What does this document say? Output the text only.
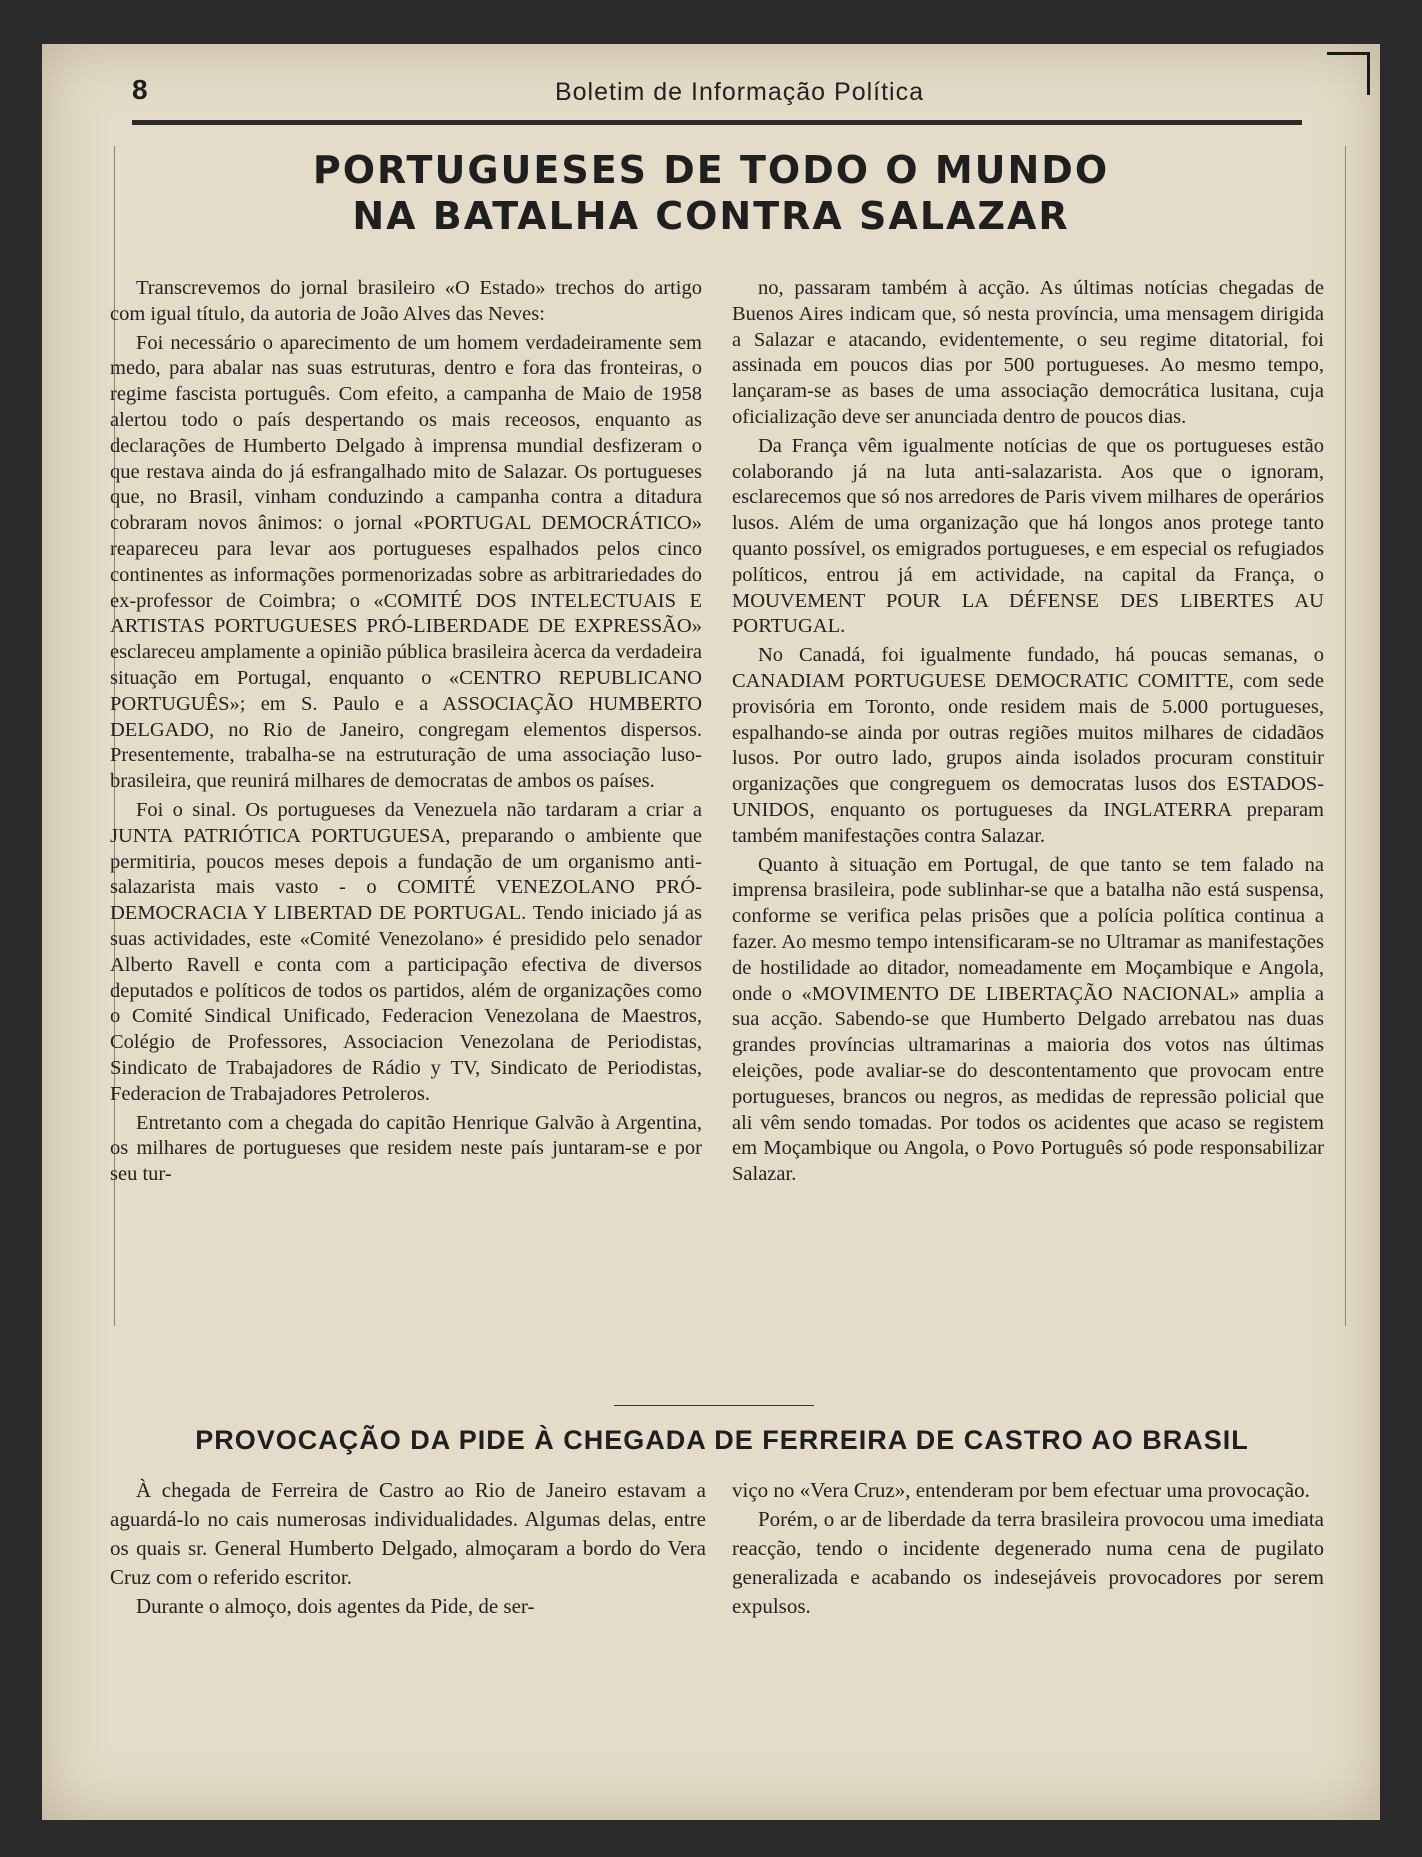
8	Boletim de Informação Política
PORTUGUESES DE TODO O MUNDO
NA BATALHA CONTRA SALAZAR

Transcrevemos do jornal brasileiro «O Estado» trechos do artigo com igual título, da autoria de João Alves das Neves:

Foi necessário o aparecimento de um homem verdadeiramente sem medo, para abalar nas suas estruturas, dentro e fora das fronteiras, o regime fascista português. Com efeito, a campanha de Maio de 1958 alertou todo o país despertando os mais receosos, enquanto as declarações de Humberto Delgado à imprensa mundial desfizeram o que restava ainda do já esfrangalhado mito de Salazar. Os portugueses que, no Brasil, vinham conduzindo a campanha contra a ditadura cobraram novos ânimos: o jornal «PORTUGAL DEMOCRÁTICO» reapareceu para levar aos portugueses espalhados pelos cinco continentes as informações pormenorizadas sobre as arbitrariedades do ex-professor de Coimbra; o «COMITÉ DOS INTELECTUAIS E ARTISTAS PORTUGUESES PRÓ-LIBERDADE DE EXPRESSÃO» esclareceu amplamente a opinião pública brasileira àcerca da verdadeira situação em Portugal, enquanto o «CENTRO REPUBLICANO PORTUGUÊS»; em S. Paulo e a ASSOCIAÇÃO HUMBERTO DELGADO, no Rio de Janeiro, congregam elementos dispersos. Presentemente, trabalha-se na estruturação de uma associação luso-brasileira, que reunirá milhares de democratas de ambos os países.

Foi o sinal. Os portugueses da Venezuela não tardaram a criar a JUNTA PATRIÓTICA PORTUGUESA, preparando o ambiente que permitiria, poucos meses depois a fundação de um organismo anti-salazarista mais vasto - o COMITÉ VENEZOLANO PRÓ-DEMOCRACIA Y LIBERTAD DE PORTUGAL. Tendo iniciado já as suas actividades, este «Comité Venezolano» é presidido pelo senador Alberto Ravell e conta com a participação efectiva de diversos deputados e políticos de todos os partidos, além de organizações como o Comité Sindical Unificado, Federacion Venezolana de Maestros, Colégio de Professores, Associacion Venezolana de Periodistas, Sindicato de Trabajadores de Rádio y TV, Sindicato de Periodistas, Federacion de Trabajadores Petroleros.

Entretanto com a chegada do capitão Henrique Galvão à Argentina, os milhares de portugueses que residem neste país juntaram-se e por seu tur-

no, passaram também à acção. As últimas notícias chegadas de Buenos Aires indicam que, só nesta província, uma mensagem dirigida a Salazar e atacando, evidentemente, o seu regime ditatorial, foi assinada em poucos dias por 500 portugueses. Ao mesmo tempo, lançaram-se as bases de uma associação democrática lusitana, cuja oficialização deve ser anunciada dentro de poucos dias.

Da França vêm igualmente notícias de que os portugueses estão colaborando já na luta anti-salazarista. Aos que o ignoram, esclarecemos que só nos arredores de Paris vivem milhares de operários lusos. Além de uma organização que há longos anos protege tanto quanto possível, os emigrados portugueses, e em especial os refugiados políticos, entrou já em actividade, na capital da França, o MOUVEMENT POUR LA DÉFENSE DES LIBERTES AU PORTUGAL.

No Canadá, foi igualmente fundado, há poucas semanas, o CANADIAM PORTUGUESE DEMOCRATIC COMITTE, com sede provisória em Toronto, onde residem mais de 5.000 portugueses, espalhando-se ainda por outras regiões muitos milhares de cidadãos lusos. Por outro lado, grupos ainda isolados procuram constituir organizações que congreguem os democratas lusos dos ESTADOS-UNIDOS, enquanto os portugueses da INGLATERRA preparam também manifestações contra Salazar.

Quanto à situação em Portugal, de que tanto se tem falado na imprensa brasileira, pode sublinhar-se que a batalha não está suspensa, conforme se verifica pelas prisões que a polícia política continua a fazer. Ao mesmo tempo intensificaram-se no Ultramar as manifestações de hostilidade ao ditador, nomeadamente em Moçambique e Angola, onde o «MOVIMENTO DE LIBERTAÇÃO NACIONAL» amplia a sua acção. Sabendo-se que Humberto Delgado arrebatou nas duas grandes províncias ultramarinas a maioria dos votos nas últimas eleições, pode avaliar-se do descontentamento que provocam entre portugueses, brancos ou negros, as medidas de repressão policial que ali vêm sendo tomadas. Por todos os acidentes que acaso se registem em Moçambique ou Angola, o Povo Português só pode responsabilizar Salazar.

PROVOCAÇÃO DA PIDE À CHEGADA DE FERREIRA DE CASTRO AO BRASIL

À chegada de Ferreira de Castro ao Rio de Janeiro estavam a aguardá-lo no cais numerosas individualidades. Algumas delas, entre os quais sr. General Humberto Delgado, almoçaram a bordo do Vera Cruz com o referido escritor.

Durante o almoço, dois agentes da Pide, de ser-

viço no «Vera Cruz», entenderam por bem efectuar uma provocação.

Porém, o ar de liberdade da terra brasileira provocou uma imediata reacção, tendo o incidente degenerado numa cena de pugilato generalizada e acabando os indesejáveis provocadores por serem expulsos.
